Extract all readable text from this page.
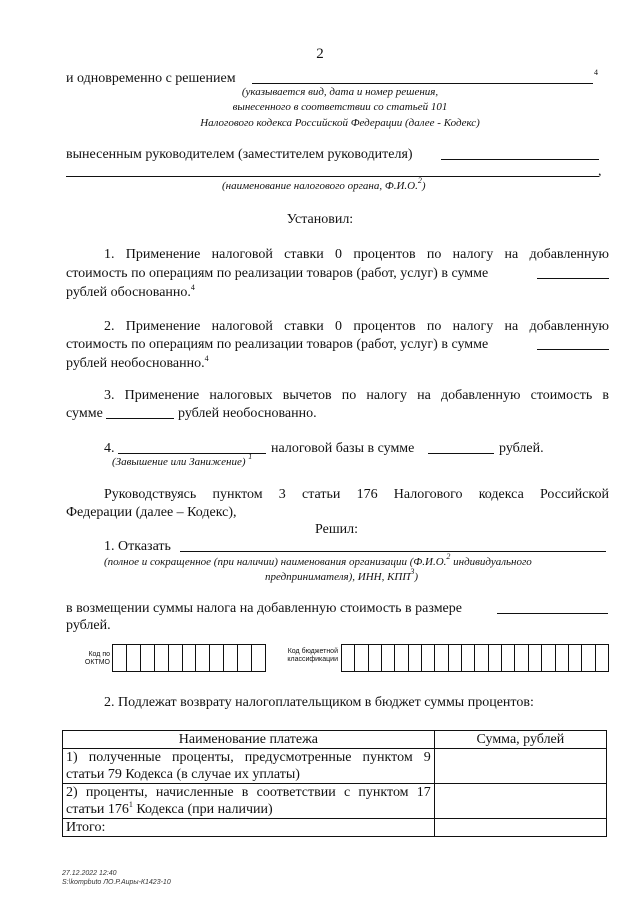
2
и одновременно с решением	4
(указывается вид, дата и номер решения,
вынесенного в соответствии со статьей 101
Налогового кодекса Российской Федерации (далее - Кодекс)
вынесенным руководителем (заместителем руководителя)
,
(наименование налогового органа, Ф.И.О.$^2$)
Установил:
1. Применение налоговой ставки 0 процентов по налогу на добавленную
стоимость по операциям по реализации товаров (работ, услуг) в сумме
рублей обоснованно.$^4$
2. Применение налоговой ставки 0 процентов по налогу на добавленную
стоимость по операциям по реализации товаров (работ, услуг) в сумме
рублей необоснованно.$^4$
3. Применение налоговых вычетов по налогу на добавленную стоимость в
сумме	рублей необоснованно.
4.	налоговой базы в сумме	рублей.
(Завышение или Занижение) $^1$
Руководствуясь пунктом 3 статьи 176 Налогового кодекса Российской
Федерации (далее – Кодекс),
Решил:
1. Отказать
(полное и сокращенное (при наличии) наименования организации (Ф.И.О.$^2$ индивидуального
предпринимателя), ИНН, КПП$^3$)
в возмещении суммы налога на добавленную стоимость в размере
рублей.
Код по
ОКТМО
Код бюджетной
классификации
2. Подлежат возврату налогоплательщиком в бюджет суммы процентов:
Наименование платежа	Сумма, рублей

1) полученные проценты, предусмотренные пунктом 9
статьи 79 Кодекса (в случае их уплаты)	

2) проценты, начисленные в соответствии с пунктом 17
статьи $176^1$ Кодекса (при наличии)	

Итого:	
27.12.2022 12:40
S:\kompbuto ЛО.Р.Аиры-К1423-10
